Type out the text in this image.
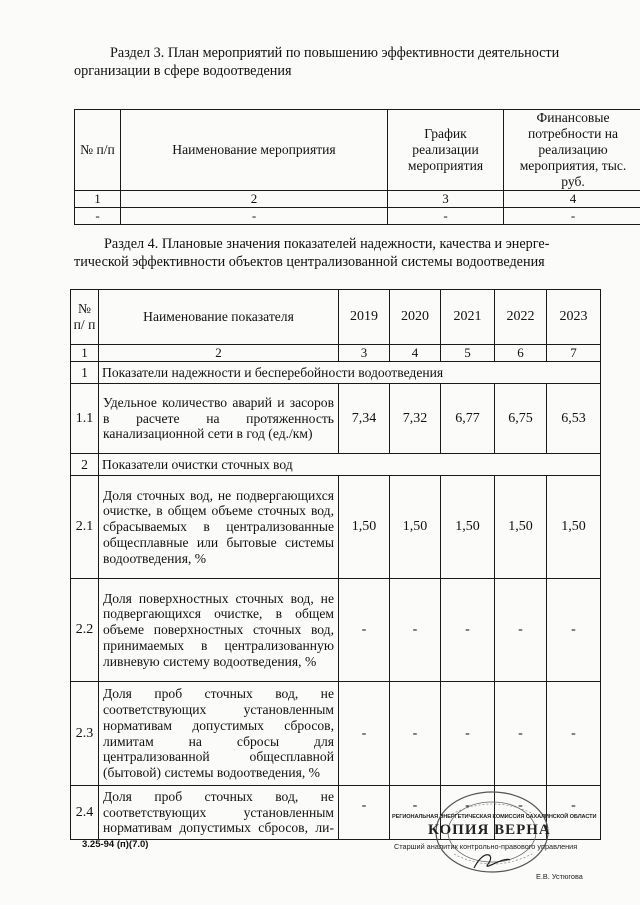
Раздел 3. План мероприятий по повышению эффективности деятельности
организации в сфере водоотведения

№ п/п	Наименование мероприятия	График реализации мероприятия	Финансовые потребности на реализацию мероприятия, тыс. руб.
1	2	3	4
-	-	-	-

Раздел 4. Плановые значения показателей надежности, качества и энерге-
тической эффективности объектов централизованной системы водоотведения

№ п/ п	Наименование показателя	2019	2020	2021	2022	2023
1	2	3	4	5	6	7
1	Показатели надежности и бесперебойности водоотведения					
1.1	Удельное количество аварий и засоров в расчете на протяженность канализационной сети в год (ед./км)	7,34	7,32	6,77	6,75	6,53
2	Показатели очистки сточных вод					
2.1	Доля сточных вод, не подвергающихся очистке, в общем объеме сточных вод, сбрасываемых в централизованные общесплавные или бытовые системы водоотведения, %	1,50	1,50	1,50	1,50	1,50
2.2	Доля поверхностных сточных вод, не подвергающихся очистке, в общем объеме поверхностных сточных вод, принимаемых в централизованную ливневую систему водоотведения, %	-	-	-	-	-
2.3	Доля проб сточных вод, не соответствующих установленным нормативам допустимых сбросов, лимитам на сбросы для централизованной общесплавной (бытовой) системы водоотведения, %	-	-	-	-	-
2.4	Доля проб сточных вод, не соответствующих установленным нормативам допустимых сбросов, ли-	-	-	-	-	-
3.25-94 (п)(7.0)
РЕГИОНАЛЬНАЯ ЭНЕРГЕТИЧЕСКАЯ КОМИССИЯ САХАЛИНСКОЙ ОБЛАСТИ
КОПИЯ ВЕРНА
Старший аналитик контрольно-правового управления
Е.В. Устюгова
